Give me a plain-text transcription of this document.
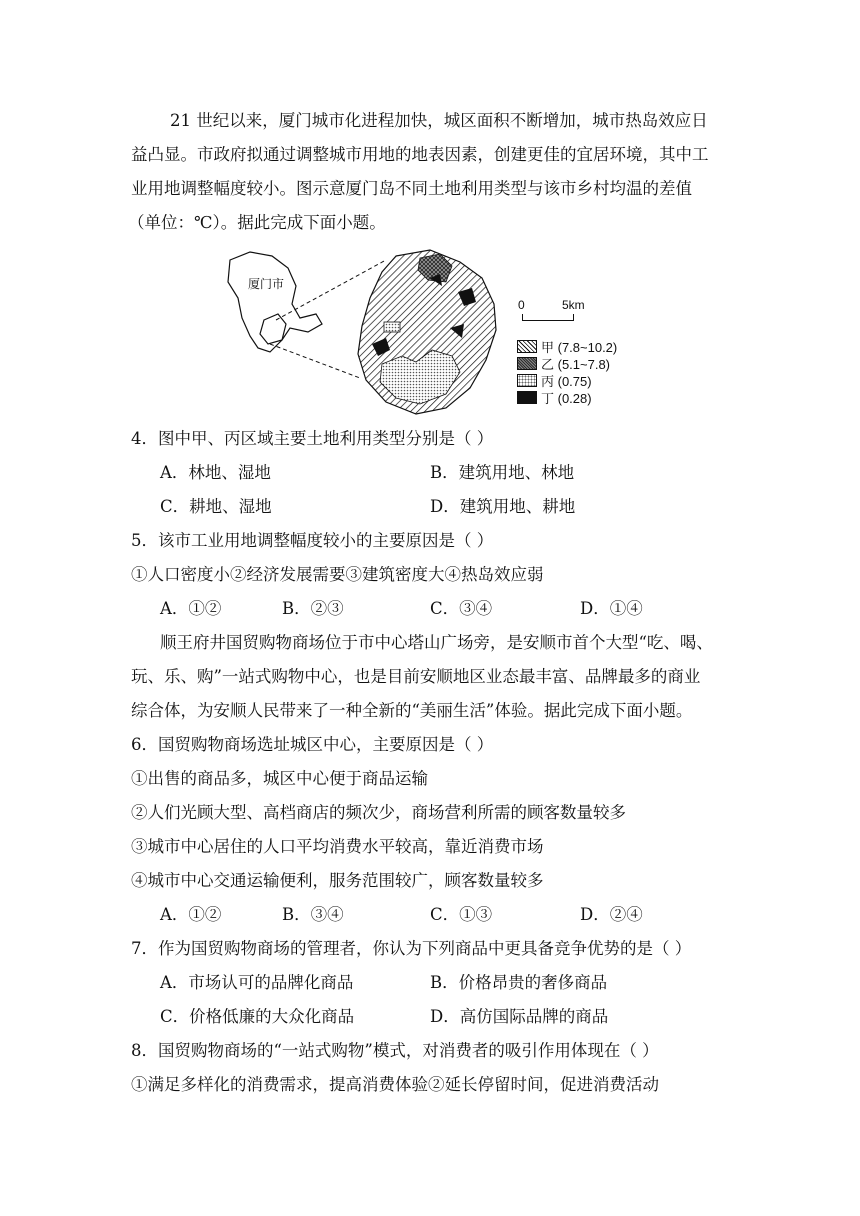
21 世纪以来，厦门城市化进程加快，城区面积不断增加，城市热岛效应日
益凸显。市政府拟通过调整城市用地的地表因素，创建更佳的宜居环境，其中工
业用地调整幅度较小。图示意厦门岛不同土地利用类型与该市乡村均温的差值
（单位：℃）。据此完成下面小题。
厦门市
0	5km
甲 (7.8~10.2)
乙 (5.1~7.8)
丙 (0.75)
丁 (0.28)
4．图中甲、丙区域主要土地利用类型分别是（ ）
A．林地、湿地	B．建筑用地、林地
C．耕地、湿地	D．建筑用地、耕地
5．该市工业用地调整幅度较小的主要原因是（ ）
①人口密度小②经济发展需要③建筑密度大④热岛效应弱
A．①②	B．②③	C．③④	D．①④
顺王府井国贸购物商场位于市中心塔山广场旁，是安顺市首个大型“吃、喝、
玩、乐、购”一站式购物中心，也是目前安顺地区业态最丰富、品牌最多的商业
综合体，为安顺人民带来了一种全新的“美丽生活”体验。据此完成下面小题。
6．国贸购物商场选址城区中心，主要原因是（ ）
①出售的商品多，城区中心便于商品运输
②人们光顾大型、高档商店的频次少，商场营利所需的顾客数量较多
③城市中心居住的人口平均消费水平较高，靠近消费市场
④城市中心交通运输便利，服务范围较广，顾客数量较多
A．①②	B．③④	C．①③	D．②④
7．作为国贸购物商场的管理者，你认为下列商品中更具备竞争优势的是（ ）
A．市场认可的品牌化商品	B．价格昂贵的奢侈商品
C．价格低廉的大众化商品	D．高仿国际品牌的商品
8．国贸购物商场的“一站式购物”模式，对消费者的吸引作用体现在（ ）
①满足多样化的消费需求，提高消费体验②延长停留时间，促进消费活动
